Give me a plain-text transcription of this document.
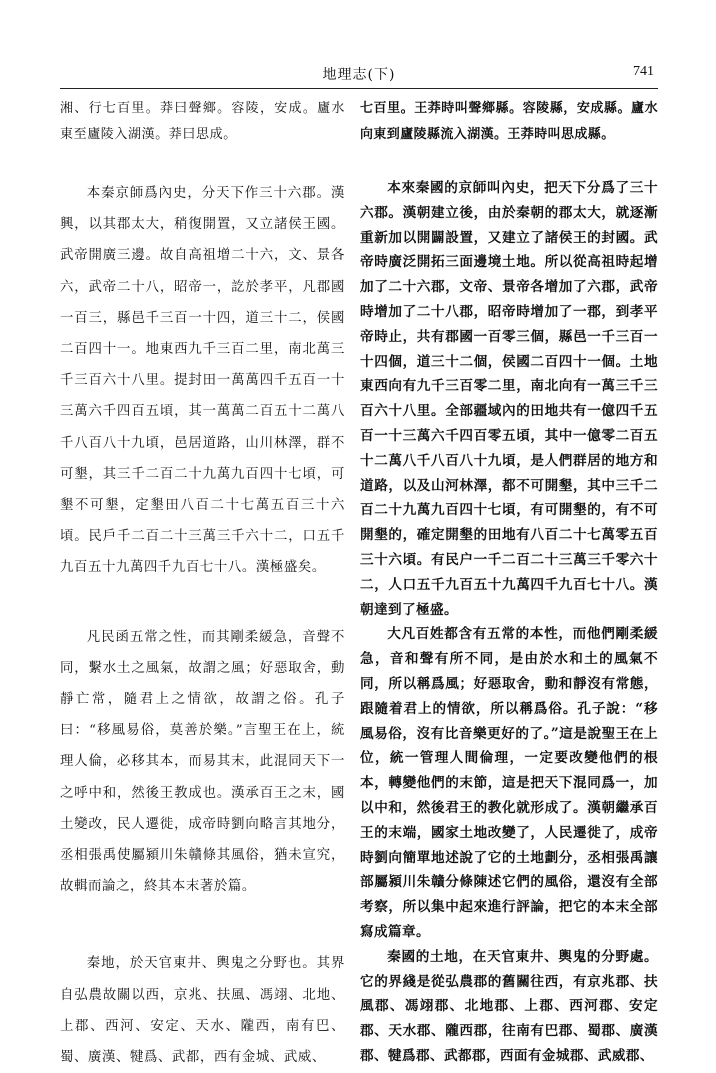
地理志(下)	741

湘、行七百里。莽曰聲鄉。容陵，安成。廬水東至廬陵入湖漢。莽曰思成。

本秦京師爲內史，分天下作三十六郡。漢興，以其郡太大，稍復開置，又立諸侯王國。武帝開廣三邊。故自高祖增二十六，文、景各六，武帝二十八，昭帝一，訖於孝平，凡郡國一百三，縣邑千三百一十四，道三十二，侯國二百四十一。地東西九千三百二里，南北萬三千三百六十八里。提封田一萬萬四千五百一十三萬六千四百五頃，其一萬萬二百五十二萬八千八百八十九頃，邑居道路，山川林澤，群不可墾，其三千二百二十九萬九百四十七頃，可墾不可墾，定墾田八百二十七萬五百三十六頃。民戶千二百二十三萬三千六十二，口五千九百五十九萬四千九百七十八。漢極盛矣。

凡民函五常之性，而其剛柔緩急，音聲不同，繫水土之風氣，故謂之風；好惡取舍，動靜亡常，隨君上之情欲，故謂之俗。孔子曰：“移風易俗，莫善於樂。”言聖王在上，統理人倫，必移其本，而易其末，此混同天下一之呼中和，然後王教成也。漢承百王之末，國土變改，民人遷徙，成帝時劉向略言其地分，丞相張禹使屬潁川朱贛條其風俗，猶未宣究，故輯而論之，終其本末著於篇。

秦地，於天官東井、輿鬼之分野也。其界自弘農故關以西，京兆、扶風、馮翊、北地、上郡、西河、安定、天水、隴西，南有巴、蜀、廣漢、犍爲、武都，西有金城、武威、

七百里。王莽時叫聲鄉縣。容陵縣，安成縣。廬水向東到廬陵縣流入湖漢。王莽時叫思成縣。

本來秦國的京師叫內史，把天下分爲了三十六郡。漢朝建立後，由於秦朝的郡太大，就逐漸重新加以開闢設置，又建立了諸侯王的封國。武帝時廣泛開拓三面邊境土地。所以從高祖時起增加了二十六郡，文帝、景帝各增加了六郡，武帝時增加了二十八郡，昭帝時增加了一郡，到孝平帝時止，共有郡國一百零三個，縣邑一千三百一十四個，道三十二個，侯國二百四十一個。土地東西向有九千三百零二里，南北向有一萬三千三百六十八里。全部疆域內的田地共有一億四千五百一十三萬六千四百零五頃，其中一億零二百五十二萬八千八百八十九頃，是人們群居的地方和道路，以及山河林澤，都不可開墾，其中三千二百二十九萬九百四十七頃，有可開墾的，有不可開墾的，確定開墾的田地有八百二十七萬零五百三十六頃。有民户一千二百二十三萬三千零六十二，人口五千九百五十九萬四千九百七十八。漢朝達到了極盛。

大凡百姓都含有五常的本性，而他們剛柔緩急，音和聲有所不同，是由於水和土的風氣不同，所以稱爲風；好惡取舍，動和靜沒有常態，跟隨着君上的情欲，所以稱爲俗。孔子說：“移風易俗，沒有比音樂更好的了。”這是說聖王在上位，統一管理人間倫理，一定要改變他們的根本，轉變他們的末節，這是把天下混同爲一，加以中和，然後君王的教化就形成了。漢朝繼承百王的末端，國家土地改變了，人民遷徙了，成帝時劉向簡單地述說了它的土地劃分，丞相張禹讓部屬潁川朱贛分條陳述它們的風俗，還沒有全部考察，所以集中起來進行評論，把它的本末全部寫成篇章。

秦國的土地，在天官東井、輿鬼的分野處。它的界綫是從弘農郡的舊關往西，有京兆郡、扶風郡、馮翊郡、北地郡、上郡、西河郡、安定郡、天水郡、隴西郡，往南有巴郡、蜀郡、廣漢郡、犍爲郡、武都郡，西面有金城郡、武威郡、
